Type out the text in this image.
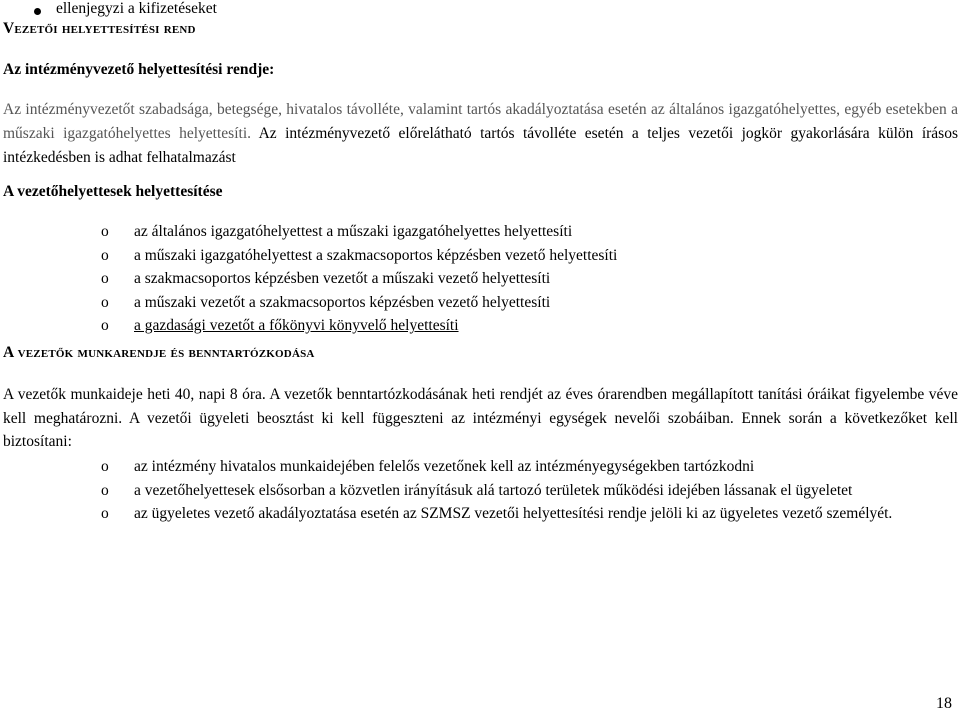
ellenjegyzi a kifizetéseket
Vezetői helyettesítési rend
Az intézményvezető helyettesítési rendje:
Az intézményvezetőt szabadsága, betegsége, hivatalos távolléte, valamint tartós akadályoztatása esetén az általános igazgatóhelyettes, egyéb esetekben a műszaki igazgatóhelyettes helyettesíti. Az intézményvezető előrelátható tartós távolléte esetén a teljes vezetői jogkör gyakorlására külön írásos intézkedésben is adhat felhatalmazást
A vezetőhelyettesek helyettesítése
o az általános igazgatóhelyettest a műszaki igazgatóhelyettes helyettesíti
o a műszaki igazgatóhelyettest a szakmacsoportos képzésben vezető helyettesíti
o a szakmacsoportos képzésben vezetőt a műszaki vezető helyettesíti
o a műszaki vezetőt a szakmacsoportos képzésben vezető helyettesíti
o a gazdasági vezetőt a főkönyvi könyvelő helyettesíti
A vezetők munkarendje és benntartózkodása
A vezetők munkaideje heti 40, napi 8 óra. A vezetők benntartózkodásának heti rendjét az éves órarendben megállapított tanítási óráikat figyelembe véve kell meghatározni. A vezetői ügyeleti beosztást ki kell függeszteni az intézményi egységek nevelői szobáiban. Ennek során a következőket kell biztosítani:
o az intézmény hivatalos munkaidejében felelős vezetőnek kell az intézményegységekben tartózkodni
o a vezetőhelyettesek elsősorban a közvetlen irányításuk alá tartozó területek működési idejében lássanak el ügyeletet
o az ügyeletes vezető akadályoztatása esetén az SZMSZ vezetői helyettesítési rendje jelöli ki az ügyeletes vezető személyét.
18
